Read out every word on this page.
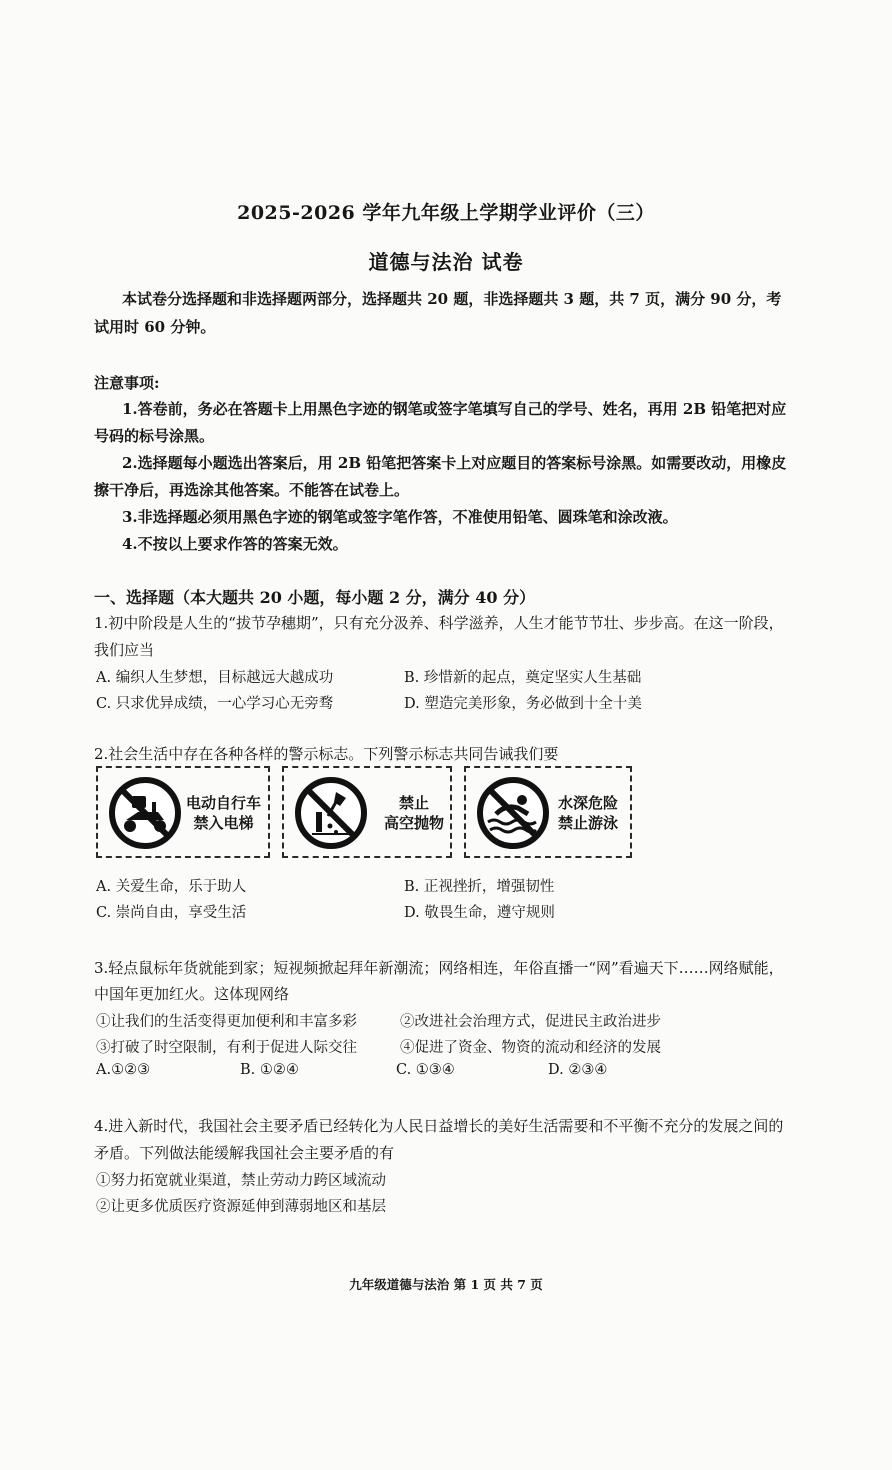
2025-2026 学年九年级上学期学业评价（三）
道德与法治 试卷
本试卷分选择题和非选择题两部分，选择题共 20 题，非选择题共 3 题，共 7 页，满分 90 分，考
试用时 60 分钟。
注意事项:
1.答卷前，务必在答题卡上用黑色字迹的钢笔或签字笔填写自己的学号、姓名，再用 2B 铅笔把对应
号码的标号涂黑。
2.选择题每小题选出答案后，用 2B 铅笔把答案卡上对应题目的答案标号涂黑。如需要改动，用橡皮
擦干净后，再选涂其他答案。不能答在试卷上。
3.非选择题必须用黑色字迹的钢笔或签字笔作答，不准使用铅笔、圆珠笔和涂改液。
4.不按以上要求作答的答案无效。
一、选择题（本大题共 20 小题，每小题 2 分，满分 40 分）
1.初中阶段是人生的“拔节孕穗期”，只有充分汲养、科学滋养，人生才能节节壮、步步高。在这一阶段，
我们应当
A. 编织人生梦想，目标越远大越成功	B. 珍惜新的起点，奠定坚实人生基础
C. 只求优异成绩，一心学习心无旁骛	D. 塑造完美形象，务必做到十全十美
2.社会生活中存在各种各样的警示标志。下列警示标志共同告诫我们要
电动自行车
禁入电梯
禁止
高空抛物
水深危险
禁止游泳
A. 关爱生命，乐于助人	B. 正视挫折，增强韧性
C. 崇尚自由，享受生活	D. 敬畏生命，遵守规则
3.轻点鼠标年货就能到家；短视频掀起拜年新潮流；网络相连，年俗直播一“网”看遍天下……网络赋能，
中国年更加红火。这体现网络
①让我们的生活变得更加便利和丰富多彩	②改进社会治理方式，促进民主政治进步
③打破了时空限制，有利于促进人际交往	④促进了资金、物资的流动和经济的发展
A.①②③	B. ①②④	C. ①③④	D. ②③④
4.进入新时代，我国社会主要矛盾已经转化为人民日益增长的美好生活需要和不平衡不充分的发展之间的
矛盾。下列做法能缓解我国社会主要矛盾的有
①努力拓宽就业渠道，禁止劳动力跨区域流动
②让更多优质医疗资源延伸到薄弱地区和基层
九年级道德与法治 第 1 页 共 7 页
